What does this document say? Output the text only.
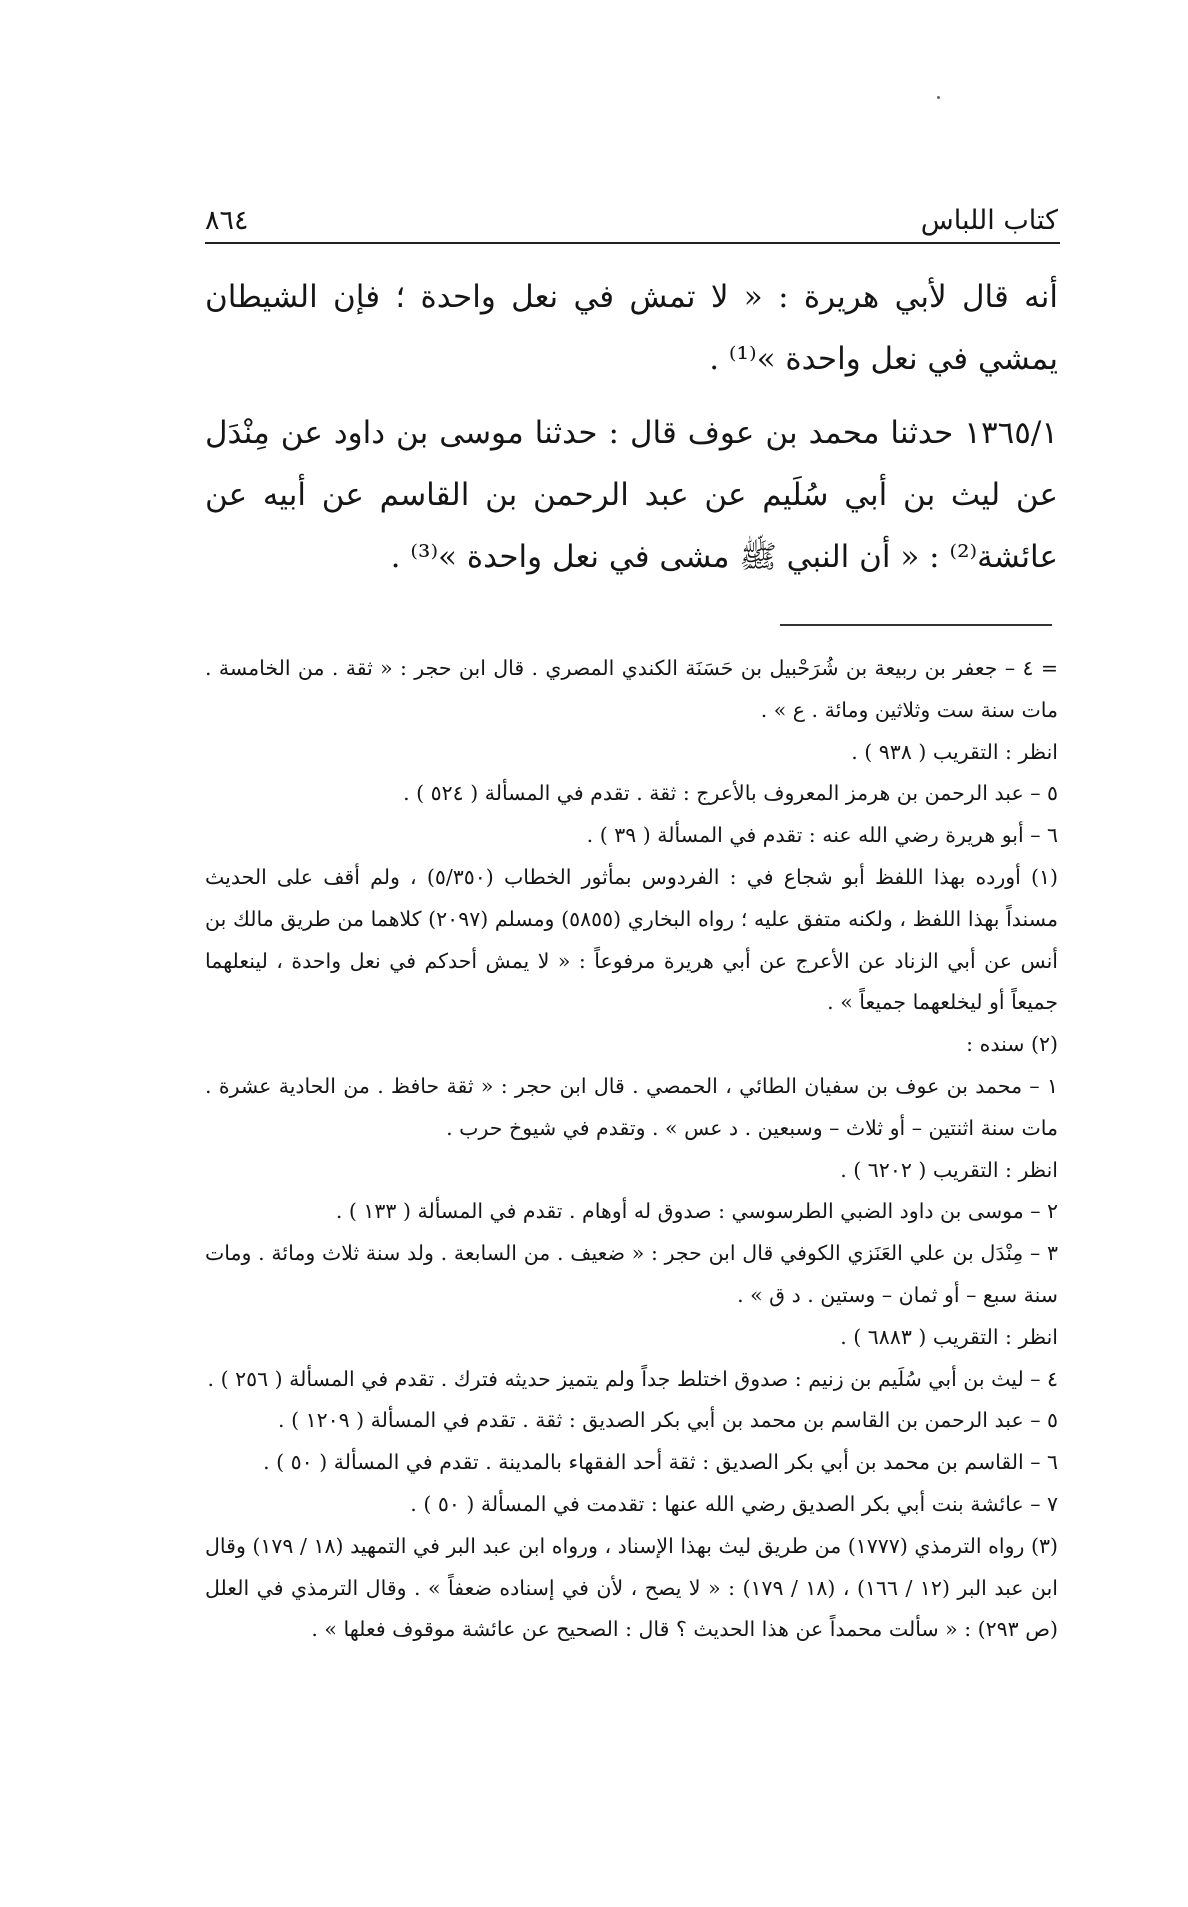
كتاب اللباس
٨٦٤

أنه قال لأبي هريرة : « لا تمش في نعل واحدة ؛ فإن الشيطان يمشي في نعل واحدة »⁽¹⁾ .

١٣٦٥/١ حدثنا محمد بن عوف قال : حدثنا موسى بن داود عن مِنْدَل عن ليث بن أبي سُلَيم عن عبد الرحمن بن القاسم عن أبيه عن عائشة⁽²⁾ : « أن النبي ﷺ مشى في نعل واحدة »⁽³⁾ .

= ٤ – جعفر بن ربيعة بن شُرَحْبيل بن حَسَنَة الكندي المصري . قال ابن حجر : « ثقة . من الخامسة . مات سنة ست وثلاثين ومائة . ع » .
انظر : التقريب ( ٩٣٨ ) .
٥ – عبد الرحمن بن هرمز المعروف بالأعرج : ثقة . تقدم في المسألة ( ٥٢٤ ) .
٦ – أبو هريرة رضي الله عنه : تقدم في المسألة ( ٣٩ ) .
(١) أورده بهذا اللفظ أبو شجاع في : الفردوس بمأثور الخطاب (٥/٣٥٠) ، ولم أقف على الحديث مسنداً بهذا اللفظ ، ولكنه متفق عليه ؛ رواه البخاري (٥٨٥٥) ومسلم (٢٠٩٧) كلاهما من طريق مالك بن أنس عن أبي الزناد عن الأعرج عن أبي هريرة مرفوعاً : « لا يمش أحدكم في نعل واحدة ، لينعلهما جميعاً أو ليخلعهما جميعاً » .
(٢) سنده :
١ – محمد بن عوف بن سفيان الطائي ، الحمصي . قال ابن حجر : « ثقة حافظ . من الحادية عشرة . مات سنة اثنتين – أو ثلاث – وسبعين . د عس » . وتقدم في شيوخ حرب .
انظر : التقريب ( ٦٢٠٢ ) .
٢ – موسى بن داود الضبي الطرسوسي : صدوق له أوهام . تقدم في المسألة ( ١٣٣ ) .
٣ – مِنْدَل بن علي العَنَزي الكوفي قال ابن حجر : « ضعيف . من السابعة . ولد سنة ثلاث ومائة . ومات سنة سبع – أو ثمان – وستين . د ق » .
انظر : التقريب ( ٦٨٨٣ ) .
٤ – ليث بن أبي سُلَيم بن زنيم : صدوق اختلط جداً ولم يتميز حديثه فترك . تقدم في المسألة ( ٢٥٦ ) .
٥ – عبد الرحمن بن القاسم بن محمد بن أبي بكر الصديق : ثقة . تقدم في المسألة ( ١٢٠٩ ) .
٦ – القاسم بن محمد بن أبي بكر الصديق : ثقة أحد الفقهاء بالمدينة . تقدم في المسألة ( ٥٠ ) .
٧ – عائشة بنت أبي بكر الصديق رضي الله عنها : تقدمت في المسألة ( ٥٠ ) .
(٣) رواه الترمذي (١٧٧٧) من طريق ليث بهذا الإسناد ، ورواه ابن عبد البر في التمهيد (١٨ / ١٧٩) وقال ابن عبد البر (١٢ / ١٦٦) ، (١٨ / ١٧٩) : « لا يصح ، لأن في إسناده ضعفاً » . وقال الترمذي في العلل (ص ٢٩٣) : « سألت محمداً عن هذا الحديث ؟ قال : الصحيح عن عائشة موقوف فعلها » .
